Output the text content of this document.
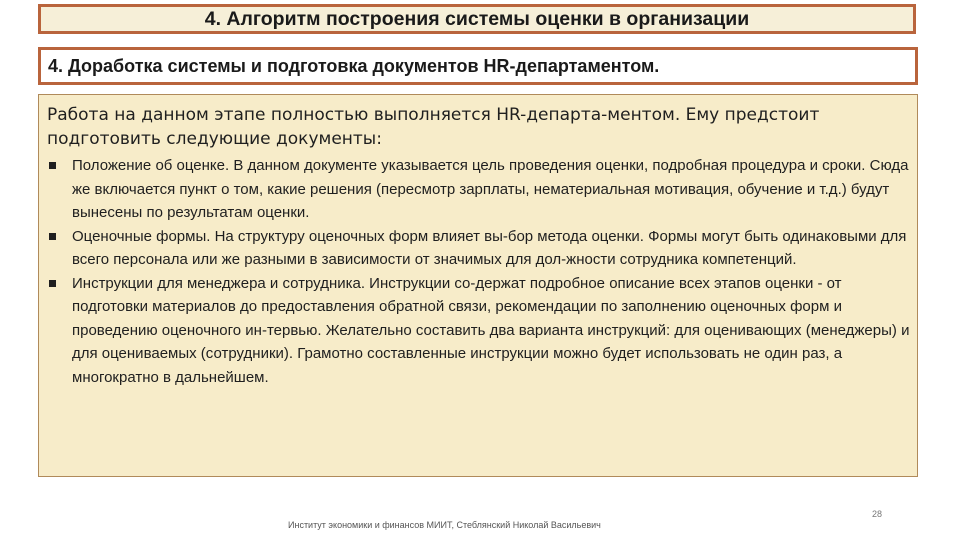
4. Алгоритм построения системы оценки в организации
4. Доработка системы и подготовка документов HR-департаментом.

Работа на данном этапе полностью выполняется HR-департа-ментом. Ему предстоит подготовить следующие документы:

Положение об оценке. В данном документе указывается цель проведения оценки, подробная процедура и сроки. Сюда же включается пункт о том, какие решения (пересмотр зарплаты, нематериальная мотивация, обучение и т.д.) будут вынесены по результатам оценки.
Оценочные формы. На структуру оценочных форм влияет вы-бор метода оценки. Формы могут быть одинаковыми для всего персонала или же разными в зависимости от значимых для дол-жности сотрудника компетенций.
Инструкции для менеджера и сотрудника. Инструкции со-держат подробное описание всех этапов оценки - от подготовки материалов до предоставления обратной связи, рекомендации по заполнению оценочных форм и проведению оценочного ин-тервью. Желательно составить два варианта инструкций: для оценивающих (менеджеры) и для оцениваемых (сотрудники). Грамотно составленные инструкции можно будет использовать не один раз, а многократно в дальнейшем.
28
Институт экономики и финансов МИИТ, Стеблянский Николай Васильевич
